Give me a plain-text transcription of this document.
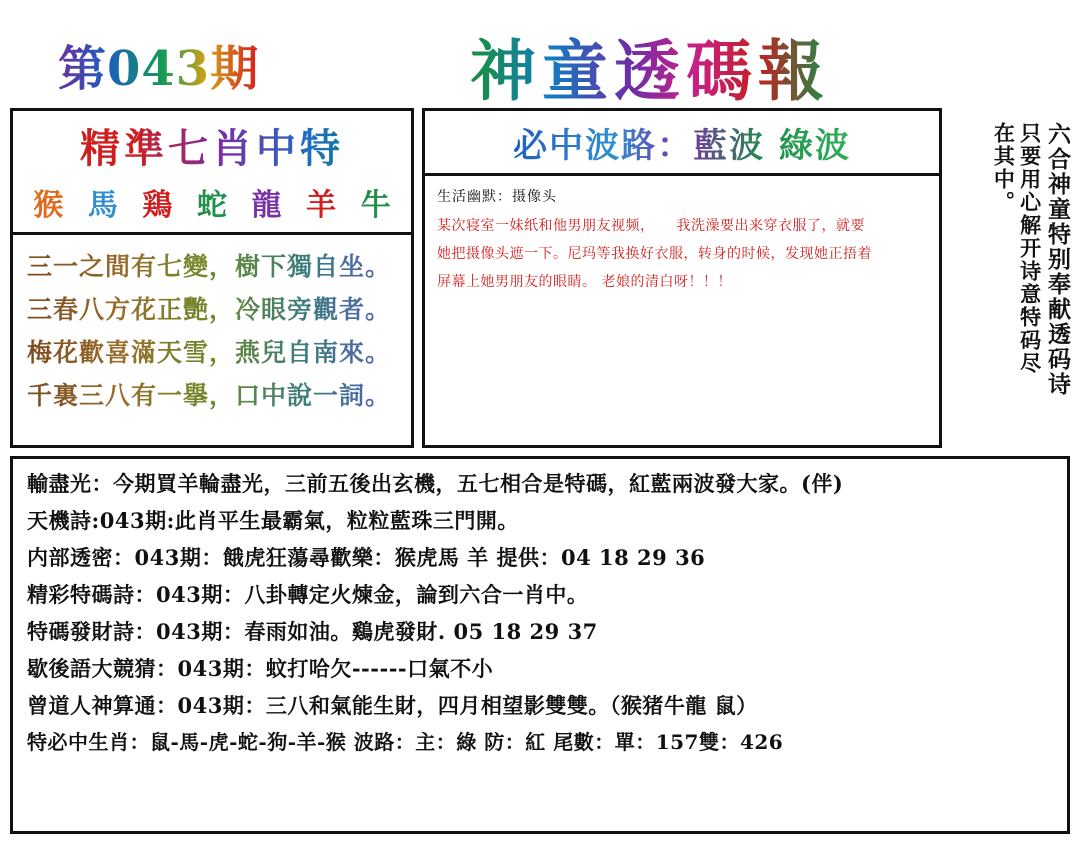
第043期	神童透碼報
精準七肖中特
猴 馬 鶏 蛇 龍 羊 牛
三一之間有七變，樹下獨自坐。
三春八方花正艷，冷眼旁觀者。
梅花歡喜滿天雪，燕兒自南來。
千裏三八有一擧，口中說一詞。
必中波路：藍波 綠波
生活幽默：摄像头
某次寝室一妹纸和他男朋友视频，　　我洗澡要出来穿衣服了，就要
她把摄像头遮一下。尼玛等我换好衣服，转身的时候，发现她正捂着
屏幕上她男朋友的眼睛。 老娘的清白呀！！！	六合神童特别奉献透码诗
只要用心解开诗意特码尽
在其中。
輸盡光：今期買羊輪盡光，三前五後出玄機，五七相合是特碼，紅藍兩波發大家。(伴)
天機詩:043期:此肖平生最霸氣，粒粒藍珠三門開。
内部透密：043期：餓虎狂蕩尋歡樂：猴虎馬 羊 提供：04 18 29 36
精彩特碼詩：043期：八卦轉定火煉金，論到六合一肖中。
特碼發財詩：043期：春雨如油。鷄虎發財. 05 18 29 37
歇後語大競猜：043期：蚊打哈欠------口氣不小
曾道人神算通：043期：三八和氣能生財，四月相望影雙雙。（猴猪牛龍 鼠）
特必中生肖：鼠-馬-虎-蛇-狗-羊-猴 波路：主：綠 防：紅 尾數：單：157雙：426
